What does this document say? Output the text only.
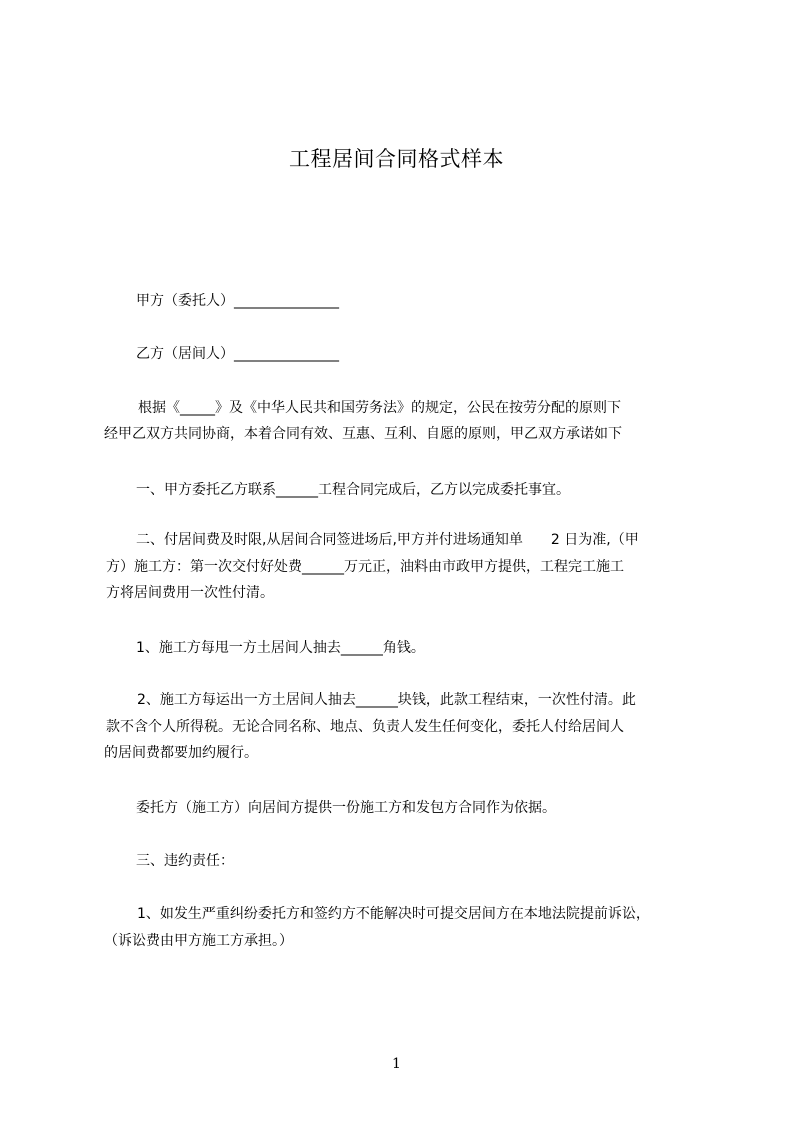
工程居间合同格式样本
甲方（委托人）_______________
乙方（居间人）_______________
根据《_____》及《中华人民共和国劳务法》的规定，公民在按劳分配的原则下
经甲乙双方共同协商，本着合同有效、互惠、互利、自愿的原则，甲乙双方承诺如下
一、甲方委托乙方联系______工程合同完成后，乙方以完成委托事宜。
二、付居间费及时限,从居间合同签进场后,甲方并付进场通知单　　2 日为准,（甲
方）施工方：第一次交付好处费______万元正，油料由市政甲方提供，工程完工施工
方将居间费用一次性付清。
1、施工方每甩一方土居间人抽去______角钱。
2、施工方每运出一方土居间人抽去______块钱，此款工程结束，一次性付清。此
款不含个人所得税。无论合同名称、地点、负责人发生任何变化，委托人付给居间人
的居间费都要加约履行。
委托方（施工方）向居间方提供一份施工方和发包方合同作为依据。
三、违约责任：
1、如发生严重纠纷委托方和签约方不能解决时可提交居间方在本地法院提前诉讼，
（诉讼费由甲方施工方承担。）
1
